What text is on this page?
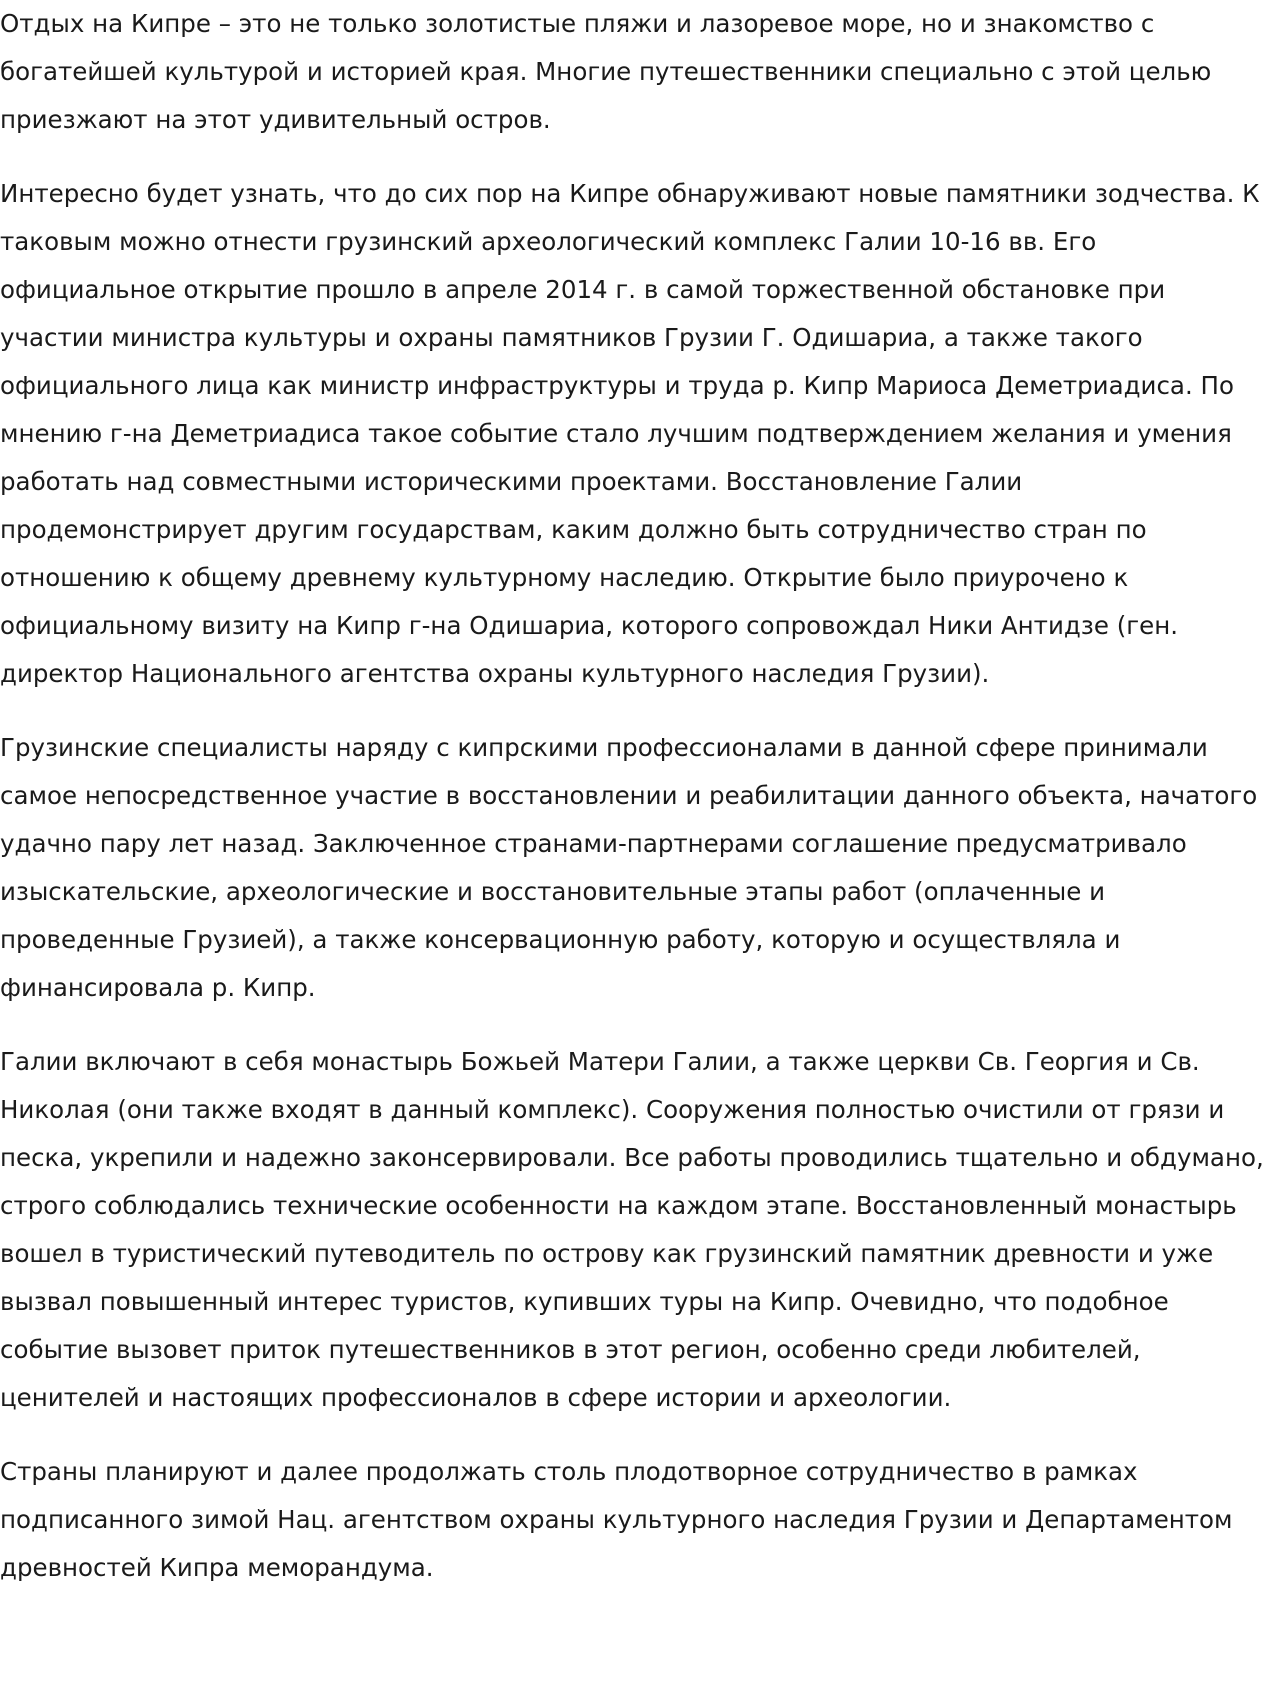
Отдых на Кипре – это не только золотистые пляжи и лазоревое море, но и знакомство с богатейшей культурой и историей края. Многие путешественники специально с этой целью приезжают на этот удивительный остров.

Интересно будет узнать, что до сих пор на Кипре обнаруживают новые памятники зодчества. К таковым можно отнести грузинский археологический комплекс Галии 10-16 вв. Его официальное открытие прошло в апреле 2014 г. в самой торжественной обстановке при участии министра культуры и охраны памятников Грузии Г. Одишариа, а также такого официального лица как министр инфраструктуры и труда р. Кипр Мариоса Деметриадиса. По мнению г-на Деметриадиса такое событие стало лучшим подтверждением желания и умения работать над совместными историческими проектами. Восстановление Галии продемонстрирует другим государствам, каким должно быть сотрудничество стран по отношению к общему древнему культурному наследию. Открытие было приурочено к официальному визиту на Кипр г-на Одишариа, которого сопровождал Ники Антидзе (ген. директор Национального агентства охраны культурного наследия Грузии).

Грузинские специалисты наряду с кипрскими профессионалами в данной сфере принимали самое непосредственное участие в восстановлении и реабилитации данного объекта, начатого удачно пару лет назад. Заключенное странами-партнерами соглашение предусматривало изыскательские, археологические и восстановительные этапы работ (оплаченные и проведенные Грузией), а также консервационную работу, которую и осуществляла и финансировала р. Кипр.

Галии включают в себя монастырь Божьей Матери Галии, а также церкви Св. Георгия и Св. Николая (они также входят в данный комплекс). Сооружения полностью очистили от грязи и песка, укрепили и надежно законсервировали. Все работы проводились тщательно и обдумано, строго соблюдались технические особенности на каждом этапе. Восстановленный монастырь вошел в туристический путеводитель по острову как грузинский памятник древности и уже вызвал повышенный интерес туристов, купивших туры на Кипр. Очевидно, что подобное событие вызовет приток путешественников в этот регион, особенно среди любителей, ценителей и настоящих профессионалов в сфере истории и археологии.

Страны планируют и далее продолжать столь плодотворное сотрудничество в рамках подписанного зимой Нац. агентством охраны культурного наследия Грузии и Департаментом древностей Кипра меморандума.
